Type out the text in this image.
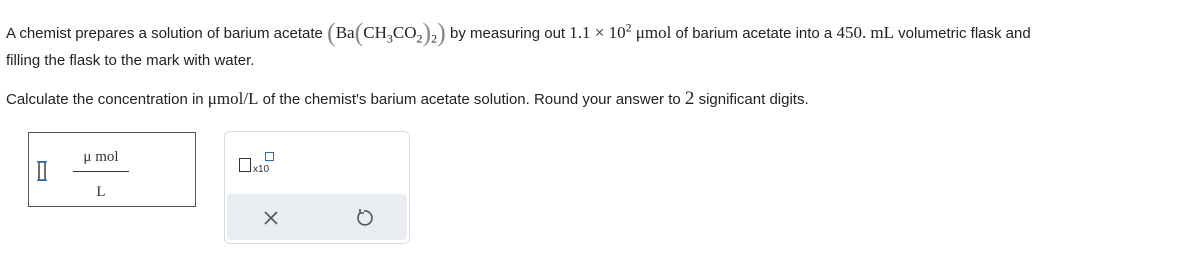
A chemist prepares a solution of barium acetate $(Ba(CH_3CO_2)_2)$ by measuring out $1.1 \times 10^2$ μmol of barium acetate into a 450. mL volumetric flask and
filling the flask to the mark with water.
Calculate the concentration in μmol/L of the chemist's barium acetate solution. Round your answer to 2 significant digits.
μ mol
L
x10
